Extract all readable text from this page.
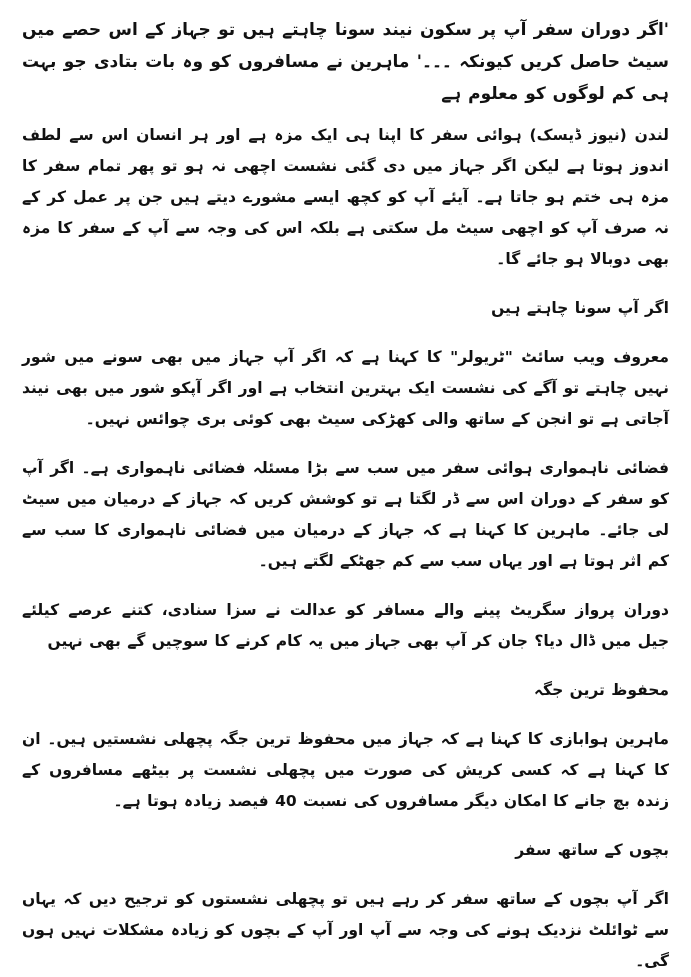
'اگر دوران سفر آپ پر سکون نیند سونا چاہتے ہیں تو جہاز کے اس حصے میں سیٹ حاصل کریں کیونکہ ۔۔۔' ماہرین نے مسافروں کو وہ بات بتادی جو بہت ہی کم لوگوں کو معلوم ہے

لندن (نیوز ڈیسک) ہوائی سفر کا اپنا ہی ایک مزہ ہے اور ہر انسان اس سے لطف اندوز ہوتا ہے لیکن اگر جہاز میں دی گئی نشست اچھی نہ ہو تو پھر تمام سفر کا مزہ ہی ختم ہو جاتا ہے۔ آیئے آپ کو کچھ ایسے مشورے دیتے ہیں جن پر عمل کر کے نہ صرف آپ کو اچھی سیٹ مل سکتی ہے بلکہ اس کی وجہ سے آپ کے سفر کا مزہ بھی دوبالا ہو جائے گا۔

اگر آپ سونا چاہتے ہیں

معروف ویب سائٹ "ٹریولر" کا کہنا ہے کہ اگر آپ جہاز میں بھی سونے میں شور نہیں چاہتے تو آگے کی نشست ایک بہترین انتخاب ہے اور اگر آپکو شور میں بھی نیند آجاتی ہے تو انجن کے ساتھ والی کھڑکی سیٹ بھی کوئی بری چوائس نہیں۔

فضائی ناہمواری ہوائی سفر میں سب سے بڑا مسئلہ فضائی ناہمواری ہے۔ اگر آپ کو سفر کے دوران اس سے ڈر لگتا ہے تو کوشش کریں کہ جہاز کے درمیان میں سیٹ لی جائے۔ ماہرین کا کہنا ہے کہ جہاز کے درمیان میں فضائی ناہمواری کا سب سے کم اثر ہوتا ہے اور یہاں سب سے کم جھٹکے لگتے ہیں۔

دوران پرواز سگریٹ پینے والے مسافر کو عدالت نے سزا سنادی، کتنے عرصے کیلئے جیل میں ڈال دیا؟ جان کر آپ بھی جہاز میں یہ کام کرنے کا سوچیں گے بھی نہیں

محفوظ ترین جگہ

ماہرین ہوابازی کا کہنا ہے کہ جہاز میں محفوظ ترین جگہ پچھلی نشستیں ہیں۔ ان کا کہنا ہے کہ کسی کریش کی صورت میں پچھلی نشست پر بیٹھے مسافروں کے زندہ بچ جانے کا امکان دیگر مسافروں کی نسبت 40 فیصد زیادہ ہوتا ہے۔

بچوں کے ساتھ سفر

اگر آپ بچوں کے ساتھ سفر کر رہے ہیں تو پچھلی نشستوں کو ترجیح دیں کہ یہاں سے ٹوائلٹ نزدیک ہونے کی وجہ سے آپ اور آپ کے بچوں کو زیادہ مشکلات نہیں ہوں گی۔
